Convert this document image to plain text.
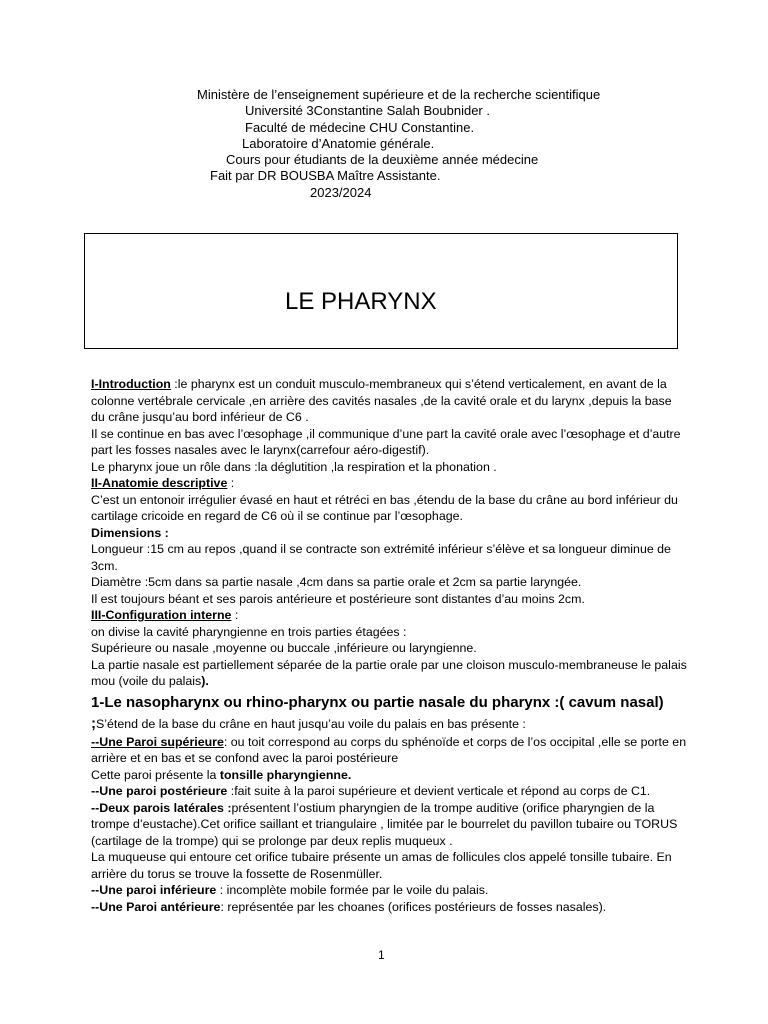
Ministère de l’enseignement supérieure et de la recherche scientifique
Université 3Constantine Salah Boubnider .
Faculté de médecine CHU Constantine.
Laboratoire d’Anatomie générale.
Cours pour étudiants de la deuxième année médecine
Fait par DR BOUSBA Maître Assistante.
2023/2024
LE PHARYNX

I-Introduction :le pharynx est un conduit musculo-membraneux qui s’étend verticalement, en avant de la colonne vertébrale cervicale ,en arrière des cavités nasales ,de la cavité orale et du larynx ,depuis la base du crâne jusqu’au bord inférieur de C6 .

Il se continue en bas avec l’œsophage ,il communique d’une part la cavité orale avec l’œsophage et d’autre part les fosses nasales avec le larynx(carrefour aéro-digestif).

Le pharynx joue un rôle dans :la déglutition ,la respiration et la phonation .

II-Anatomie descriptive :

C’est un entonoir irrégulier évasé en haut et rétréci en bas ,étendu de la base du crâne au bord inférieur du cartilage cricoide en regard de C6 où il se continue par l’œsophage.

Dimensions :

Longueur :15 cm au repos ,quand il se contracte son extrémité inférieur s’élève et sa longueur diminue de 3cm.

Diamètre :5cm dans sa partie nasale ,4cm dans sa partie orale et 2cm sa partie laryngée.

Il est toujours béant et ses parois antérieure et postérieure sont distantes d’au moins 2cm.

III-Configuration interne :

on divise la cavité pharyngienne en trois parties étagées :

Supérieure ou nasale ,moyenne ou buccale ,inférieure ou laryngienne.

La partie nasale est partiellement séparée de la partie orale par une cloison musculo-membraneuse le palais mou (voile du palais).

1-Le nasopharynx ou rhino-pharynx ou partie nasale du pharynx :( cavum nasal) ;S’étend de la base du crâne en haut jusqu’au voile du palais en bas présente :

--Une Paroi supérieure: ou toit correspond au corps du sphénoïde et corps de l’os occipital ,elle se porte en arrière et en bas et se confond avec la paroi postérieure

Cette paroi présente la tonsille pharyngienne.

--Une paroi postérieure :fait suite à la paroi supérieure et devient verticale et répond au corps de C1.

--Deux parois latérales :présentent l’ostium pharyngien de la trompe auditive (orifice pharyngien de la trompe d’eustache).Cet orifice saillant et triangulaire , limitée par le bourrelet du pavillon tubaire ou TORUS (cartilage de la trompe) qui se prolonge par deux replis muqueux .

La muqueuse qui entoure cet orifice tubaire présente un amas de follicules clos appelé tonsille tubaire. En arrière du torus se trouve la fossette de Rosenmüller.

--Une paroi inférieure : incomplète mobile formée par le voile du palais.

--Une Paroi antérieure: représentée par les choanes (orifices postérieurs de fosses nasales).

1
